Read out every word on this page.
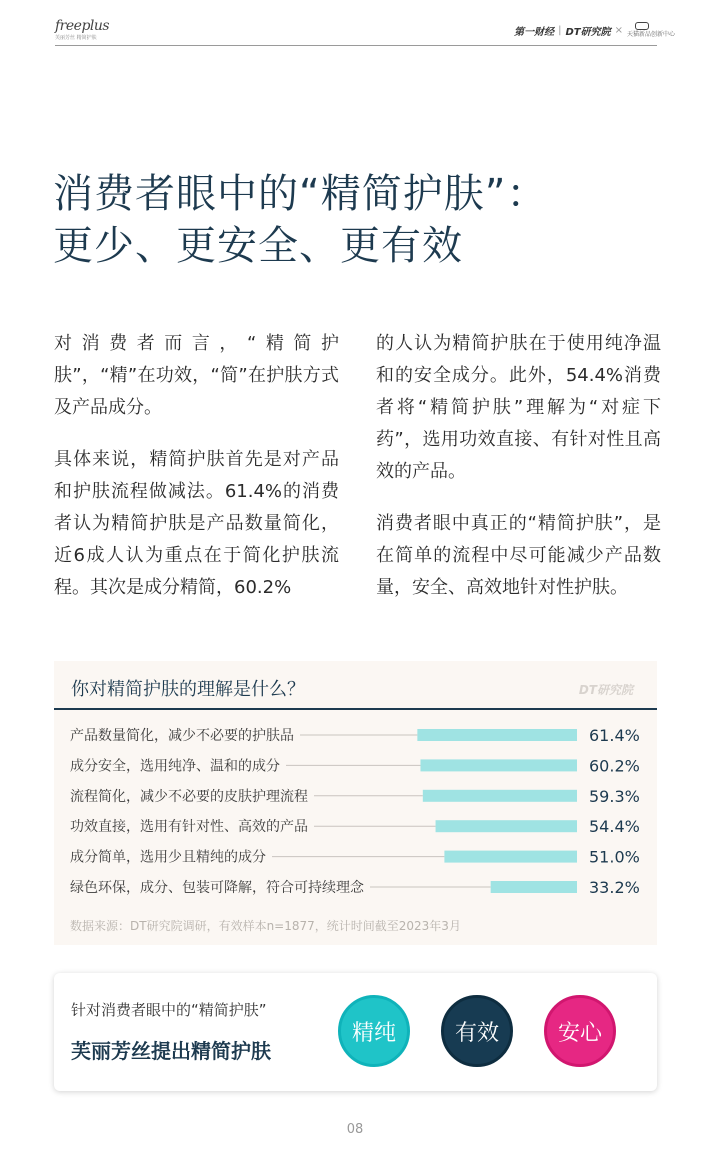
freeplus
芙丽芳丝 精简护肤
第一财经 | DT研究院 × 天猫新品创新中心
消费者眼中的“精简护肤”：
更少、更安全、更有效

对消费者而言，“精简护肤”，“精”在功效，“简”在护肤方式及产品成分。

具体来说，精简护肤首先是对产品和护肤流程做减法。61.4%的消费者认为精简护肤是产品数量简化，近6成人认为重点在于简化护肤流程。其次是成分精简，60.2%

的人认为精简护肤在于使用纯净温和的安全成分。此外，54.4%消费者将“精简护肤”理解为“对症下药”，选用功效直接、有针对性且高效的产品。

消费者眼中真正的“精简护肤”，是在简单的流程中尽可能减少产品数量，安全、高效地针对性护肤。

产品数量简化，减少不必要的护肤品	61.4%
成分安全，选用纯净、温和的成分	60.2%
流程简化，减少不必要的皮肤护理流程	59.3%
功效直接，选用有针对性、高效的产品	54.4%
成分简单，选用少且精纯的成分	51.0%
绿色环保，成分、包装可降解，符合可持续理念	33.2%
你对精简护肤的理解是什么？	DT研究院
数据来源：DT研究院调研，有效样本n=1877，统计时间截至2023年3月
针对消费者眼中的“精简护肤”
芙丽芳丝提出精简护肤
精纯	有效	安心
08
